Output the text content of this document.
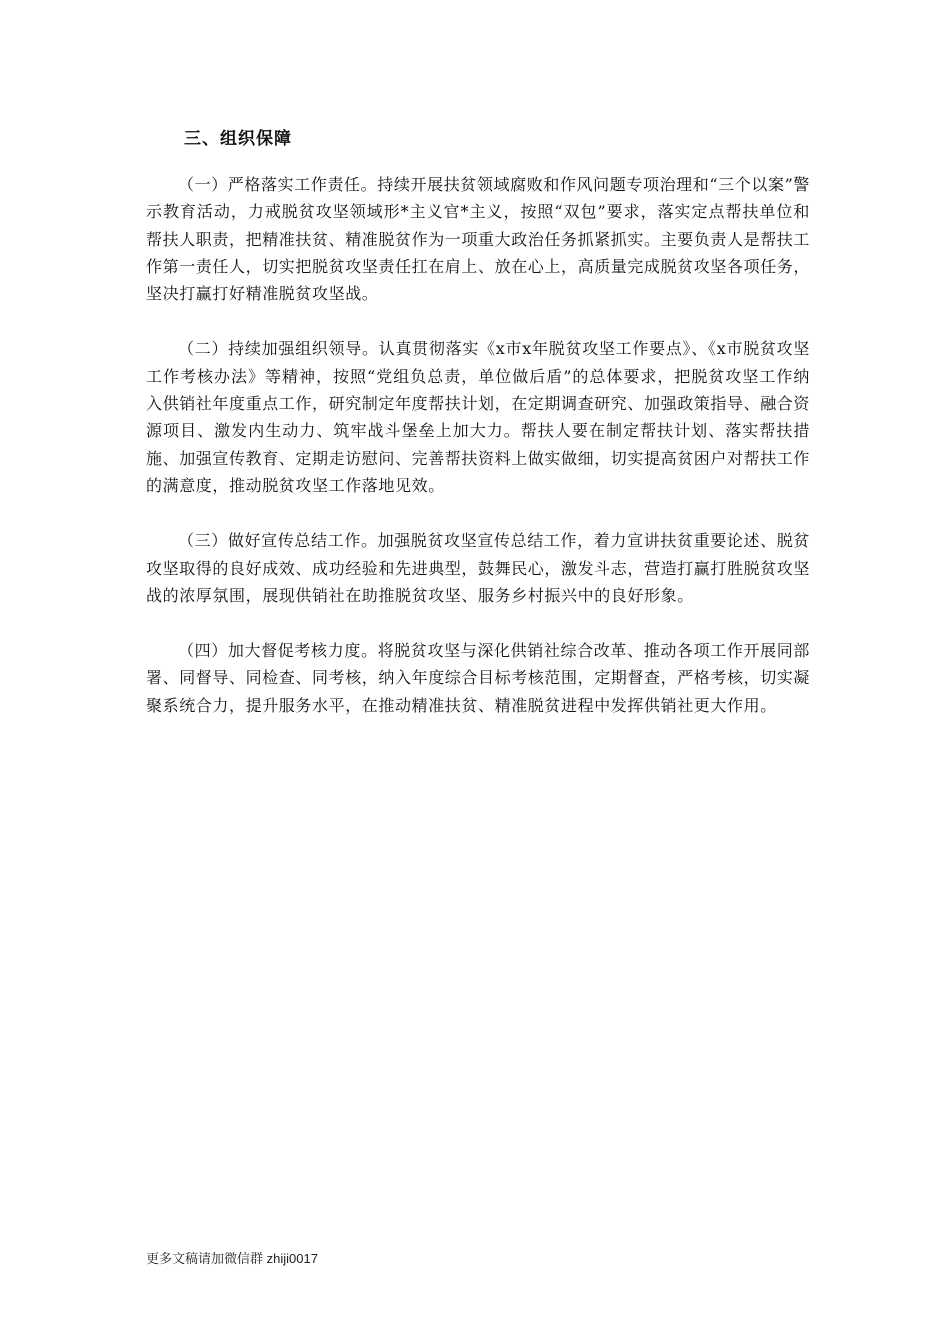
三、组织保障

（一）严格落实工作责任。持续开展扶贫领域腐败和作风问题专项治理和“三个以案”警示教育活动，力戒脱贫攻坚领域形*主义官*主义，按照“双包”要求，落实定点帮扶单位和帮扶人职责，把精准扶贫、精准脱贫作为一项重大政治任务抓紧抓实。主要负责人是帮扶工作第一责任人，切实把脱贫攻坚责任扛在肩上、放在心上，高质量完成脱贫攻坚各项任务，坚决打赢打好精准脱贫攻坚战。

（二）持续加强组织领导。认真贯彻落实《x市x年脱贫攻坚工作要点》、《x市脱贫攻坚工作考核办法》等精神，按照“党组负总责，单位做后盾”的总体要求，把脱贫攻坚工作纳入供销社年度重点工作，研究制定年度帮扶计划，在定期调查研究、加强政策指导、融合资源项目、激发内生动力、筑牢战斗堡垒上加大力。帮扶人要在制定帮扶计划、落实帮扶措施、加强宣传教育、定期走访慰问、完善帮扶资料上做实做细，切实提高贫困户对帮扶工作的满意度，推动脱贫攻坚工作落地见效。

（三）做好宣传总结工作。加强脱贫攻坚宣传总结工作，着力宣讲扶贫重要论述、脱贫攻坚取得的良好成效、成功经验和先进典型，鼓舞民心，激发斗志，营造打赢打胜脱贫攻坚战的浓厚氛围，展现供销社在助推脱贫攻坚、服务乡村振兴中的良好形象。

（四）加大督促考核力度。将脱贫攻坚与深化供销社综合改革、推动各项工作开展同部署、同督导、同检查、同考核，纳入年度综合目标考核范围，定期督查，严格考核，切实凝聚系统合力，提升服务水平，在推动精准扶贫、精准脱贫进程中发挥供销社更大作用。

更多文稿请加微信群 zhiji0017
